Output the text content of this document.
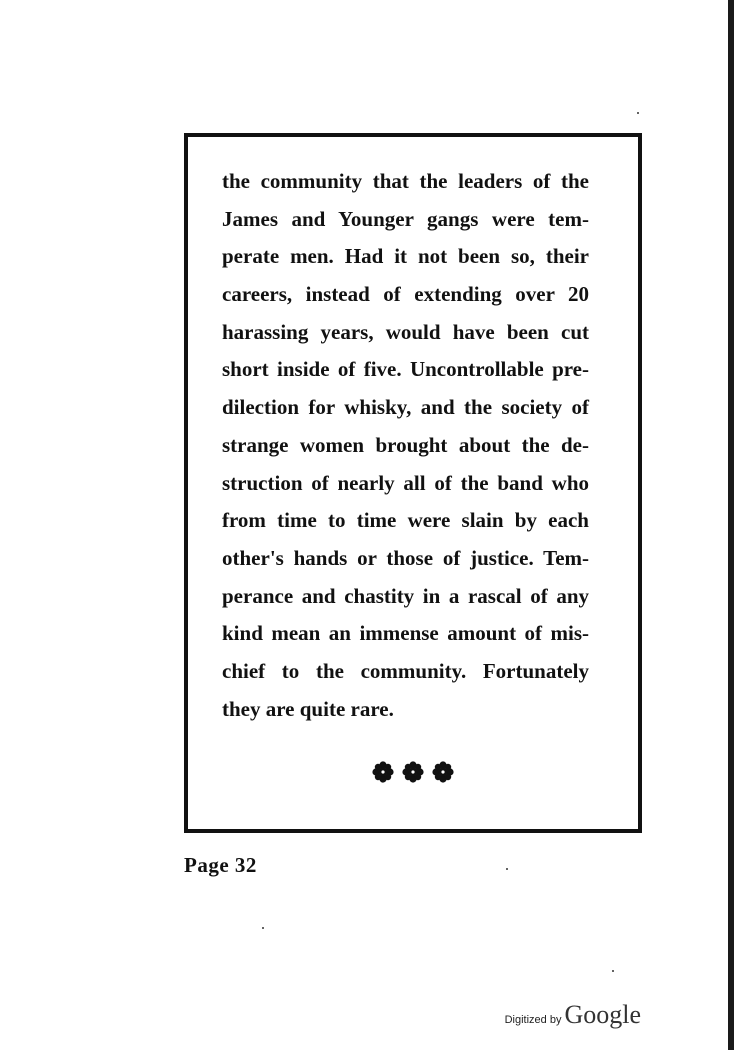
the community that the leaders of the
James and Younger gangs were tem-
perate men. Had it not been so, their
careers, instead of extending over 20
harassing years, would have been cut
short inside of five. Uncontrollable pre-
dilection for whisky, and the society of
strange women brought about the de-
struction of nearly all of the band who
from time to time were slain by each
other's hands or those of justice. Tem-
perance and chastity in a rascal of any
kind mean an immense amount of mis-
chief to the community. Fortunately
they are quite rare.

Page 32
Digitized by Google
